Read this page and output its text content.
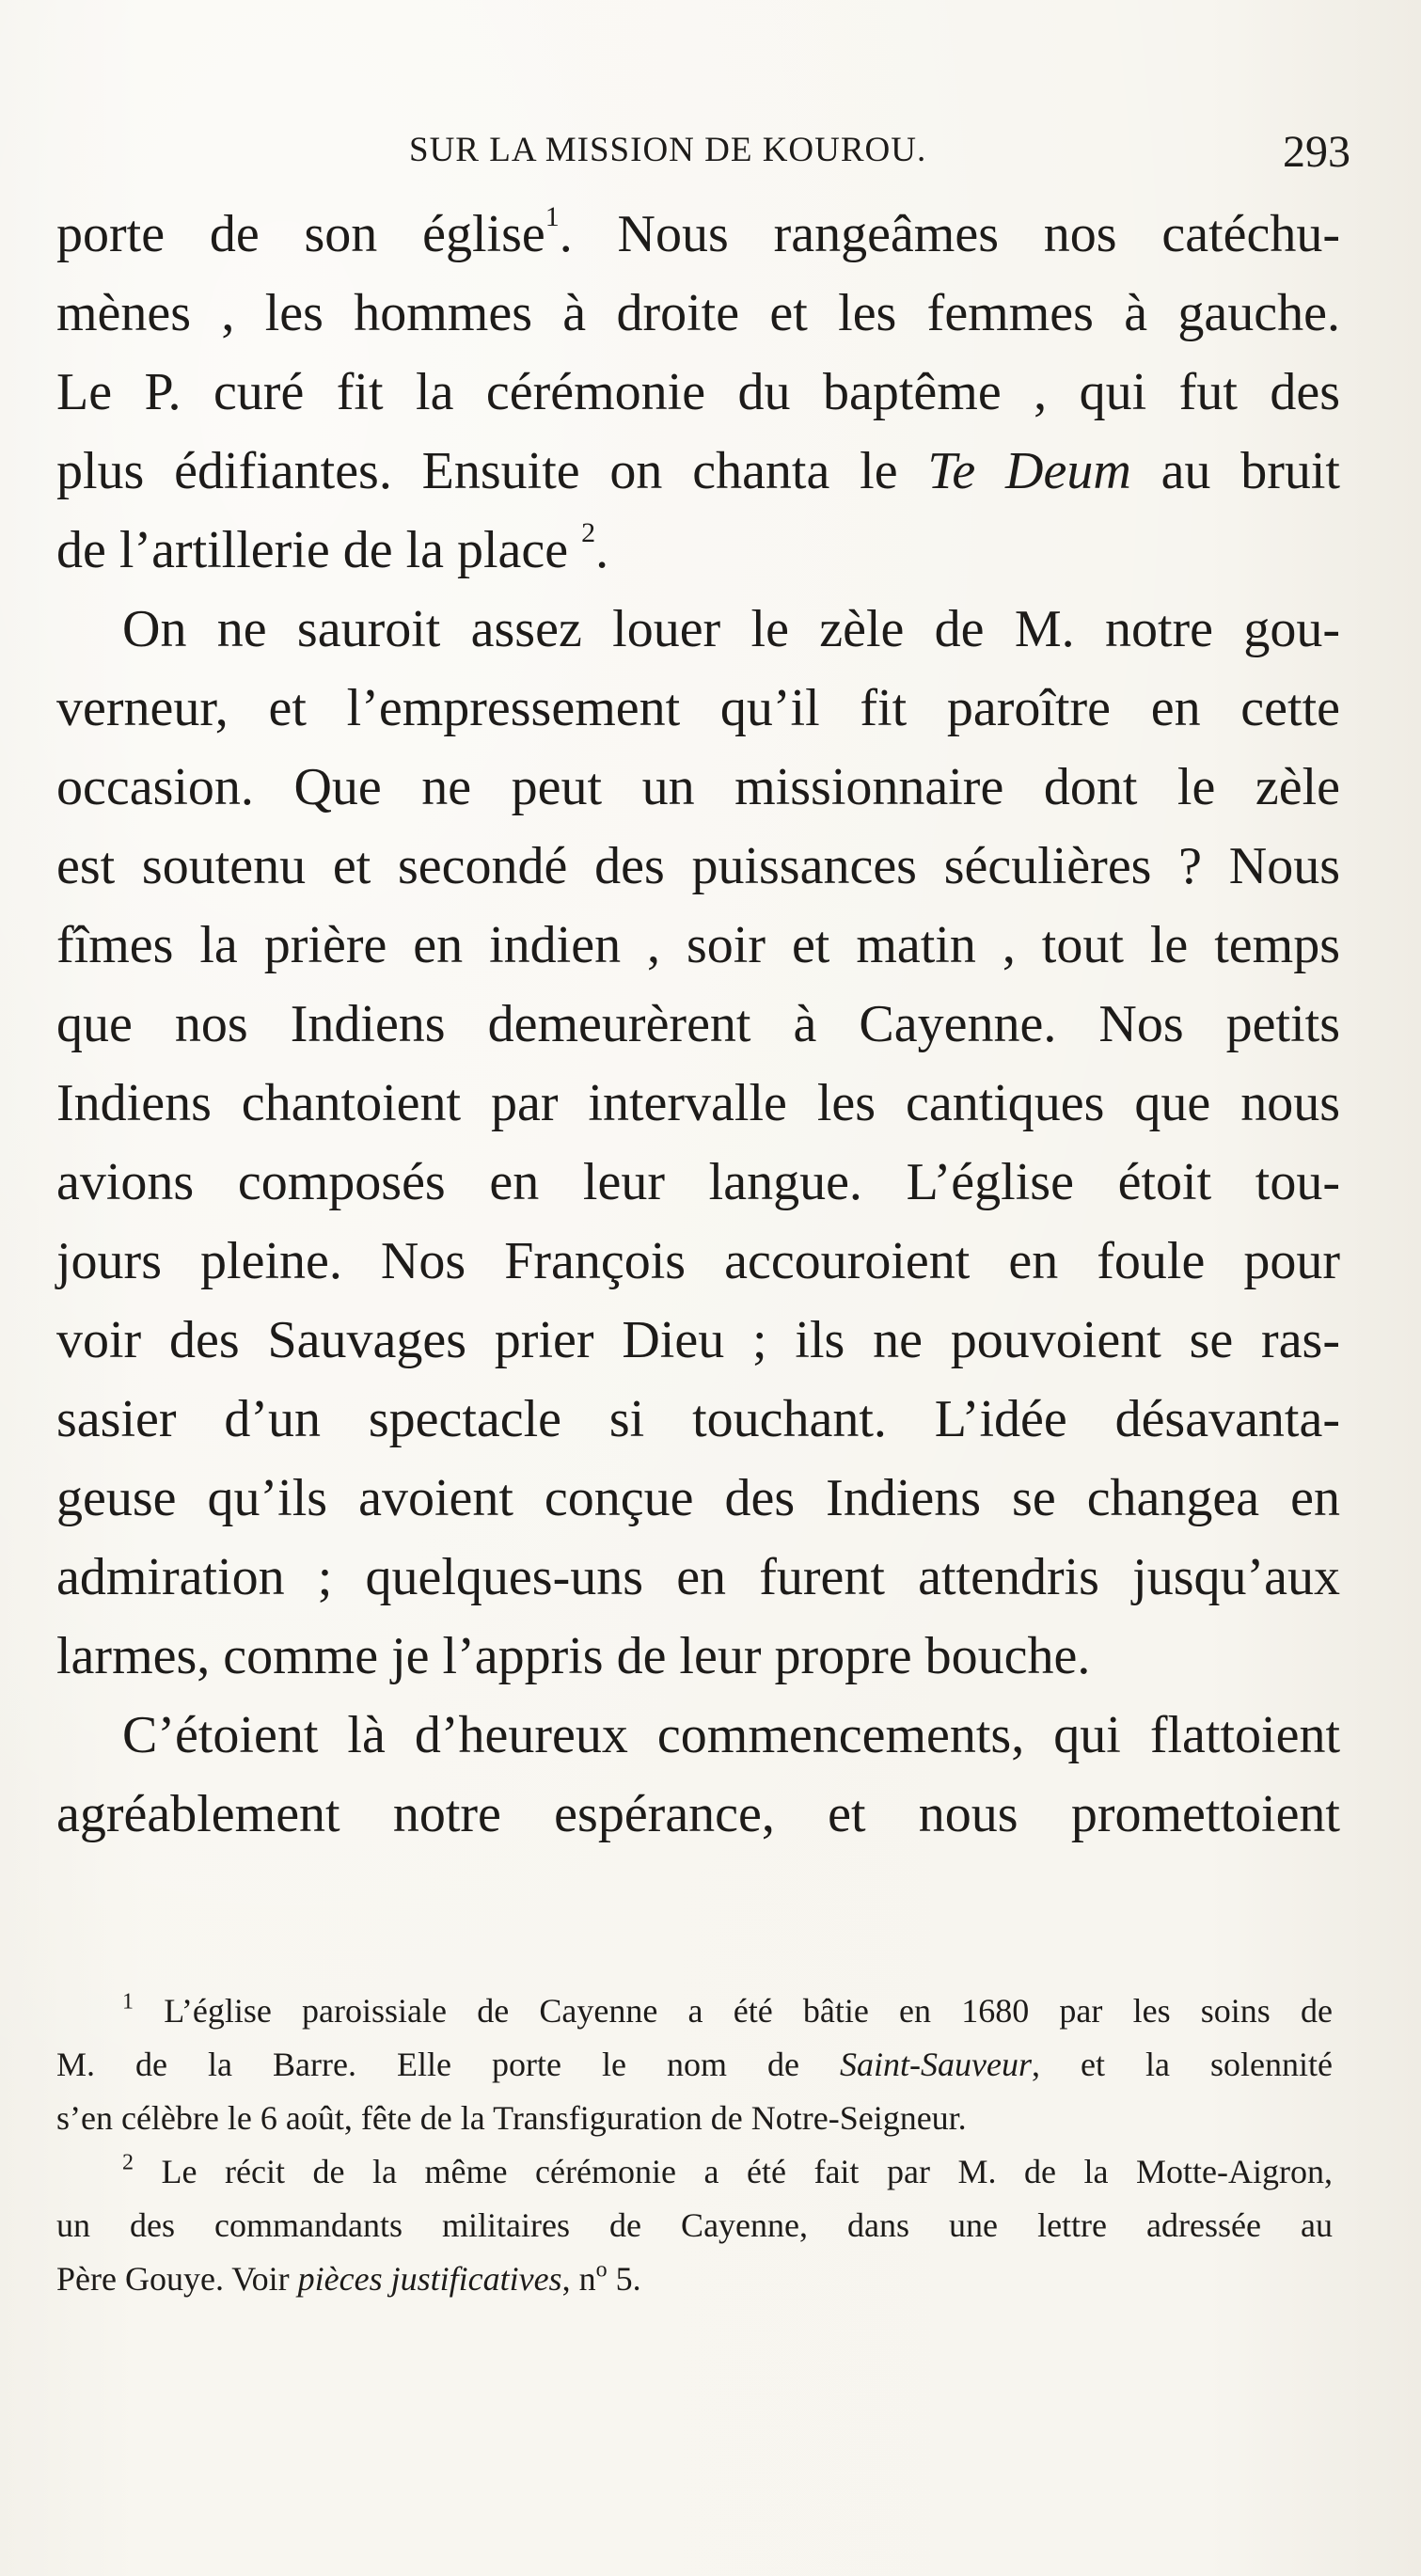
SUR LA MISSION DE KOUROU.	293
porte de son église$^1$. Nous rangeâmes nos catéchu-
mènes , les hommes à droite et les femmes à gauche.
Le P. curé fit la cérémonie du baptême , qui fut des
plus édifiantes. Ensuite on chanta le Te Deum au bruit
de l’artillerie de la place $^2$.
On ne sauroit assez louer le zèle de M. notre gou-
verneur, et l’empressement qu’il fit paroître en cette
occasion. Que ne peut un missionnaire dont le zèle
est soutenu et secondé des puissances séculières ? Nous
fîmes la prière en indien , soir et matin , tout le temps
que nos Indiens demeurèrent à Cayenne. Nos petits
Indiens chantoient par intervalle les cantiques que nous
avions composés en leur langue. L’église étoit tou-
jours pleine. Nos François accouroient en foule pour
voir des Sauvages prier Dieu ; ils ne pouvoient se ras-
sasier d’un spectacle si touchant. L’idée désavanta-
geuse qu’ils avoient conçue des Indiens se changea en
admiration ; quelques-uns en furent attendris jusqu’aux
larmes, comme je l’appris de leur propre bouche.
C’étoient là d’heureux commencements, qui flattoient
agréablement notre espérance, et nous promettoient
$^1$ L’église paroissiale de Cayenne a été bâtie en 1680 par les soins de
M. de la Barre. Elle porte le nom de Saint-Sauveur, et la solennité
s’en célèbre le 6 août, fête de la Transfiguration de Notre-Seigneur.
$^2$ Le récit de la même cérémonie a été fait par M. de la Motte-Aigron,
un des commandants militaires de Cayenne, dans une lettre adressée au
Père Gouye. Voir pièces justificatives, n$^o$ 5.
